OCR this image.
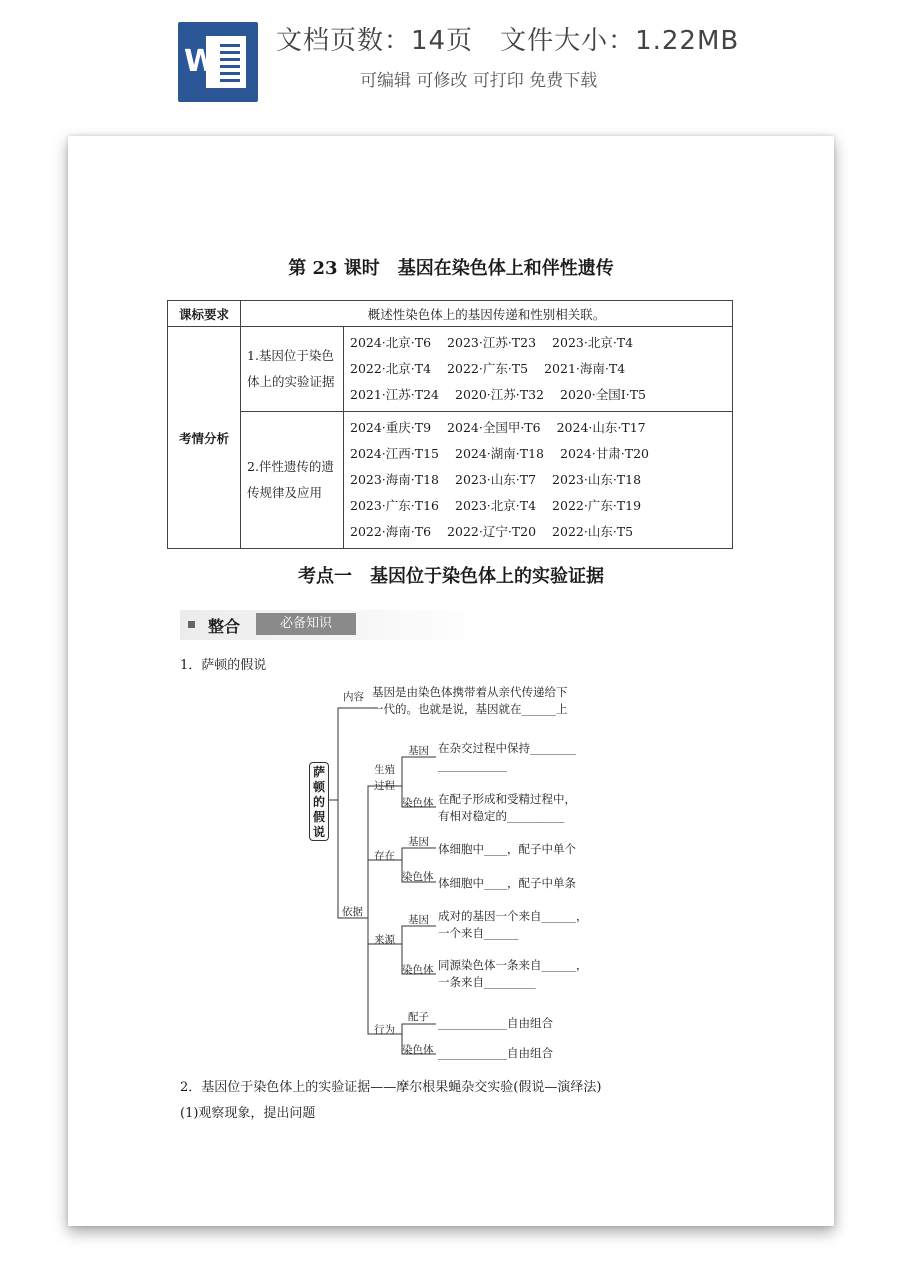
W
文档页数：14页　文件大小：1.22MB
可编辑 可修改 可打印 免费下载
第 23 课时　基因在染色体上和伴性遗传
课标要求	概述性染色体上的基因传递和性别相关联。	
考情分析	1.基因位于染色体上的实验证据	2024·北京·T6 2023·江苏·T23 2023·北京·T4 2022·北京·T4 2022·广东·T5 2021·海南·T4 2021·江苏·T24 2020·江苏·T32 2020·全国Ⅰ·T5
	2.伴性遗传的遗传规律及应用	2024·重庆·T9 2024·全国甲·T6 2024·山东·T17 2024·江西·T15 2024·湖南·T18 2024·甘肃·T20 2023·海南·T18 2023·山东·T7 2023·山东·T18 2023·广东·T16 2023·北京·T4 2022·广东·T19 2022·海南·T6 2022·辽宁·T20 2022·山东·T5
考点一　基因位于染色体上的实验证据
整合	必备知识
1．萨顿的假说
萨
顿
的
假
说
内容 基因是由染色体携带着从亲代传递给下
一代的。也就是说，基因就在______上
依据
生殖
过程
基因 在杂交过程中保持________
____________
染色体 在配子形成和受精过程中，
有相对稳定的__________
存在
基因 体细胞中____，配子中单个
染色体 体细胞中____，配子中单条
来源
基因 成对的基因一个来自______，
一个来自______
染色体 同源染色体一条来自______，
一条来自_________
行为
配子 ____________自由组合
染色体 ____________自由组合
2．基因位于染色体上的实验证据——摩尔根果蝇杂交实验(假说—演绎法)
(1)观察现象，提出问题
